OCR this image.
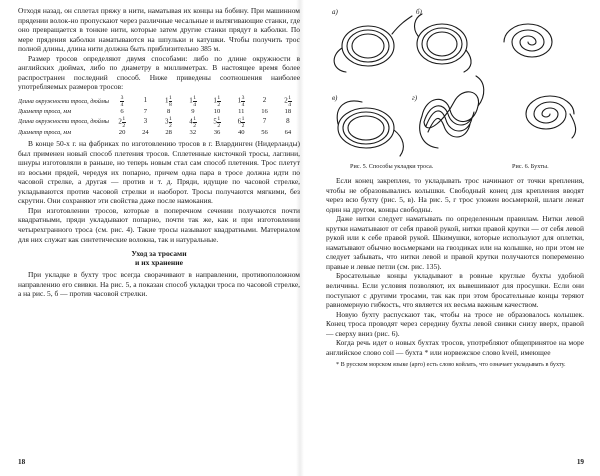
Отходя назад, он сплетал пряжу в нити, наматывая их концы на бобину. При машинном прядении волок-но пропускают через различные чесальные и вытягивающие станки, где оно превращается в тонкие нити, которые затем другие станки прядут в каболки. По мере прядения каболки наматываются на шпульки и катушки. Чтобы получить трос полной длины, длина нити должна быть приблизительно 385 м.

Размер тросов определяют двумя способами: либо по длине окружности в английских дюймах, либо по диаметру в миллиметрах. В настоящее время более распространен последний способ. Ниже приведены соотношения наиболее употребляемых размеров тросов:

Длина окружности троса, дюймы	$\frac{3}{4}$	1	$1 \frac{1}{8}$	$1 \frac{1}{4}$	$1 \frac{1}{2}$	$1 \frac{3}{4}$	2	$2 \frac{1}{4}$

Диаметр троса, мм	6	7	8	9	10	11	16	18
Длина окружности троса, дюймы	$2 \frac{1}{2}$	3	$3 \frac{1}{2}$	$4 \frac{1}{2}$	$5 \frac{1}{2}$	$6 \frac{1}{2}$	7	8
Диаметр троса, мм	20	24	28	32	36	40	56	64

В конце 50-х г. на фабриках по изготовлению тросов в г. Влардинген (Нидерланды) был применен новый способ плетения тросов. Сплетенные кисточкой тросы, лаглини, шнуры изготовляли в раньше, но теперь новым стал сам способ плетения. Трос плетут из восьми прядей, чередуя их попарно, причем одна пара в тросе должна идти по часовой стрелке, а другая — против и т. д. Пряди, идущие по часовой стрелке, укладываются против часовой стрелки и наоборот. Тросы получаются мягкими, без скрутин. Они сохраняют эти свойства даже после намокания.

При изготовлении тросов, которые в поперечном сечении получаются почти квадратными, пряди укладывают попарно, почти так же, как и при изготовлении четырехгранного троса (см. рис. 4). Такие тросы называют квадратными. Материалом для них служат как синтетические волокна, так и натуральные.

Уход за тросами
и их хранение

При укладке в бухту трос всегда сворачивают в направлении, противоположном направлению его свивки. На рис. 5, а показан способ укладки троса по часовой стрелке, а на рис. 5, б — против часовой стрелки.

18
а)	б)
в)	г)
Рис. 5. Способы укладки троса.	Рис. 6. Бухты.

Если конец закреплен, то укладывать трос начинают от точки крепления, чтобы не образовывались колышки. Свободный конец для крепления вводят через всю бухту (рис. 5, в). На рис. 5, г трос уложен восьмеркой, шлаги лежат один на другом, концы свободны.

Даже нитки следует наматывать по определенным правилам. Нитки левой крутки наматывают от себя правой рукой, нитки правой крутки — от себя левой рукой или к себе правой рукой. Шкимушки, которые используют для оплетки, наматывают обычно восьмерками на гвоздиках или на колышке, но при этом не следует забывать, что нитки левой и правой крутки получаются попеременно правые и левые петли (см. рис. 135).

Бросательные концы укладывают в ровные круглые бухты удобной величины. Если условия позволяют, их вывешивают для просушки. Если они поступают с другими тросами, так как при этом бросательные концы теряют равномерную гибкость, что является их весьма важным качеством.

Новую бухту распускают так, чтобы на тросе не образовалось колышек. Конец троса проводят через середину бухты левой свивки снизу вверх, правой — сверху вниз (рис. 6).

Когда речь идет о новых бухтах тросов, употребляют общепринятое на море английское слово coil — бухта * или норвежское слово kveil, имеющее

* В русском морском языке (арго) есть слово койлать, что означает укладывать в бухту.

19
